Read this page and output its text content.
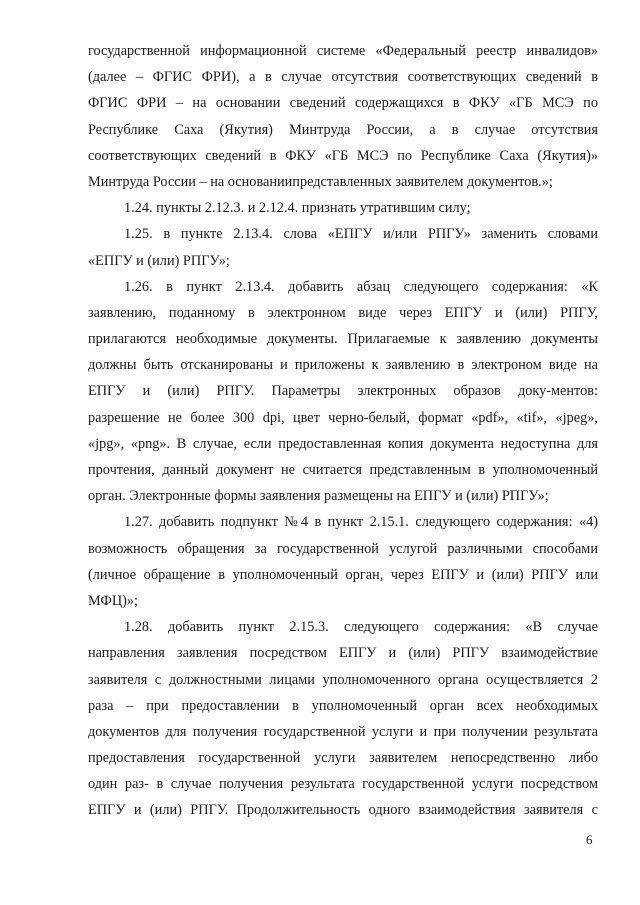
государственной информационной системе «Федеральный реестр инвалидов»
(далее – ФГИС ФРИ), а в случае отсутствия соответствующих сведений в
ФГИС ФРИ – на основании сведений содержащихся в ФКУ «ГБ МСЭ по
Республике Саха (Якутия) Минтруда России, а в случае отсутствия
соответствующих сведений в ФКУ «ГБ МСЭ по Республике Саха (Якутия)»
Минтруда России – на основаниипредставленных заявителем документов.»;
1.24. пункты 2.12.3. и 2.12.4. признать утратившим силу;
1.25. в пункте 2.13.4. слова «ЕПГУ и/или РПГУ» заменить словами
«ЕПГУ и (или) РПГУ»;
1.26. в пункт 2.13.4. добавить абзац следующего содержания: «К
заявлению, поданному в электронном виде через ЕПГУ и (или) РПГУ,
прилагаются необходимые документы. Прилагаемые к заявлению документы
должны быть отсканированы и приложены к заявлению в электроном виде на
ЕПГУ и (или) РПГУ. Параметры электронных образов доку-ментов:
разрешение не более 300 dpi, цвет черно-белый, формат «pdf», «tif», «jpeg»,
«jpg», «png». В случае, если предоставленная копия документа недоступна для
прочтения, данный документ не считается представленным в уполномоченный
орган. Электронные формы заявления размещены на ЕПГУ и (или) РПГУ»;
1.27. добавить подпункт №4 в пункт 2.15.1. следующего содержания: «4)
возможность обращения за государственной услугой различными способами
(личное обращение в уполномоченный орган, через ЕПГУ и (или) РПГУ или
МФЦ)»;
1.28. добавить пункт 2.15.3. следующего содержания: «В случае
направления заявления посредством ЕПГУ и (или) РПГУ взаимодействие
заявителя с должностными лицами уполномоченного органа осуществляется 2
раза – при предоставлении в уполномоченный орган всех необходимых
документов для получения государственной услуги и при получении результата
предоставления государственной услуги заявителем непосредственно либо
один раз- в случае получения результата государственной услуги посредством
ЕПГУ и (или) РПГУ. Продолжительность одного взаимодействия заявителя с
6
